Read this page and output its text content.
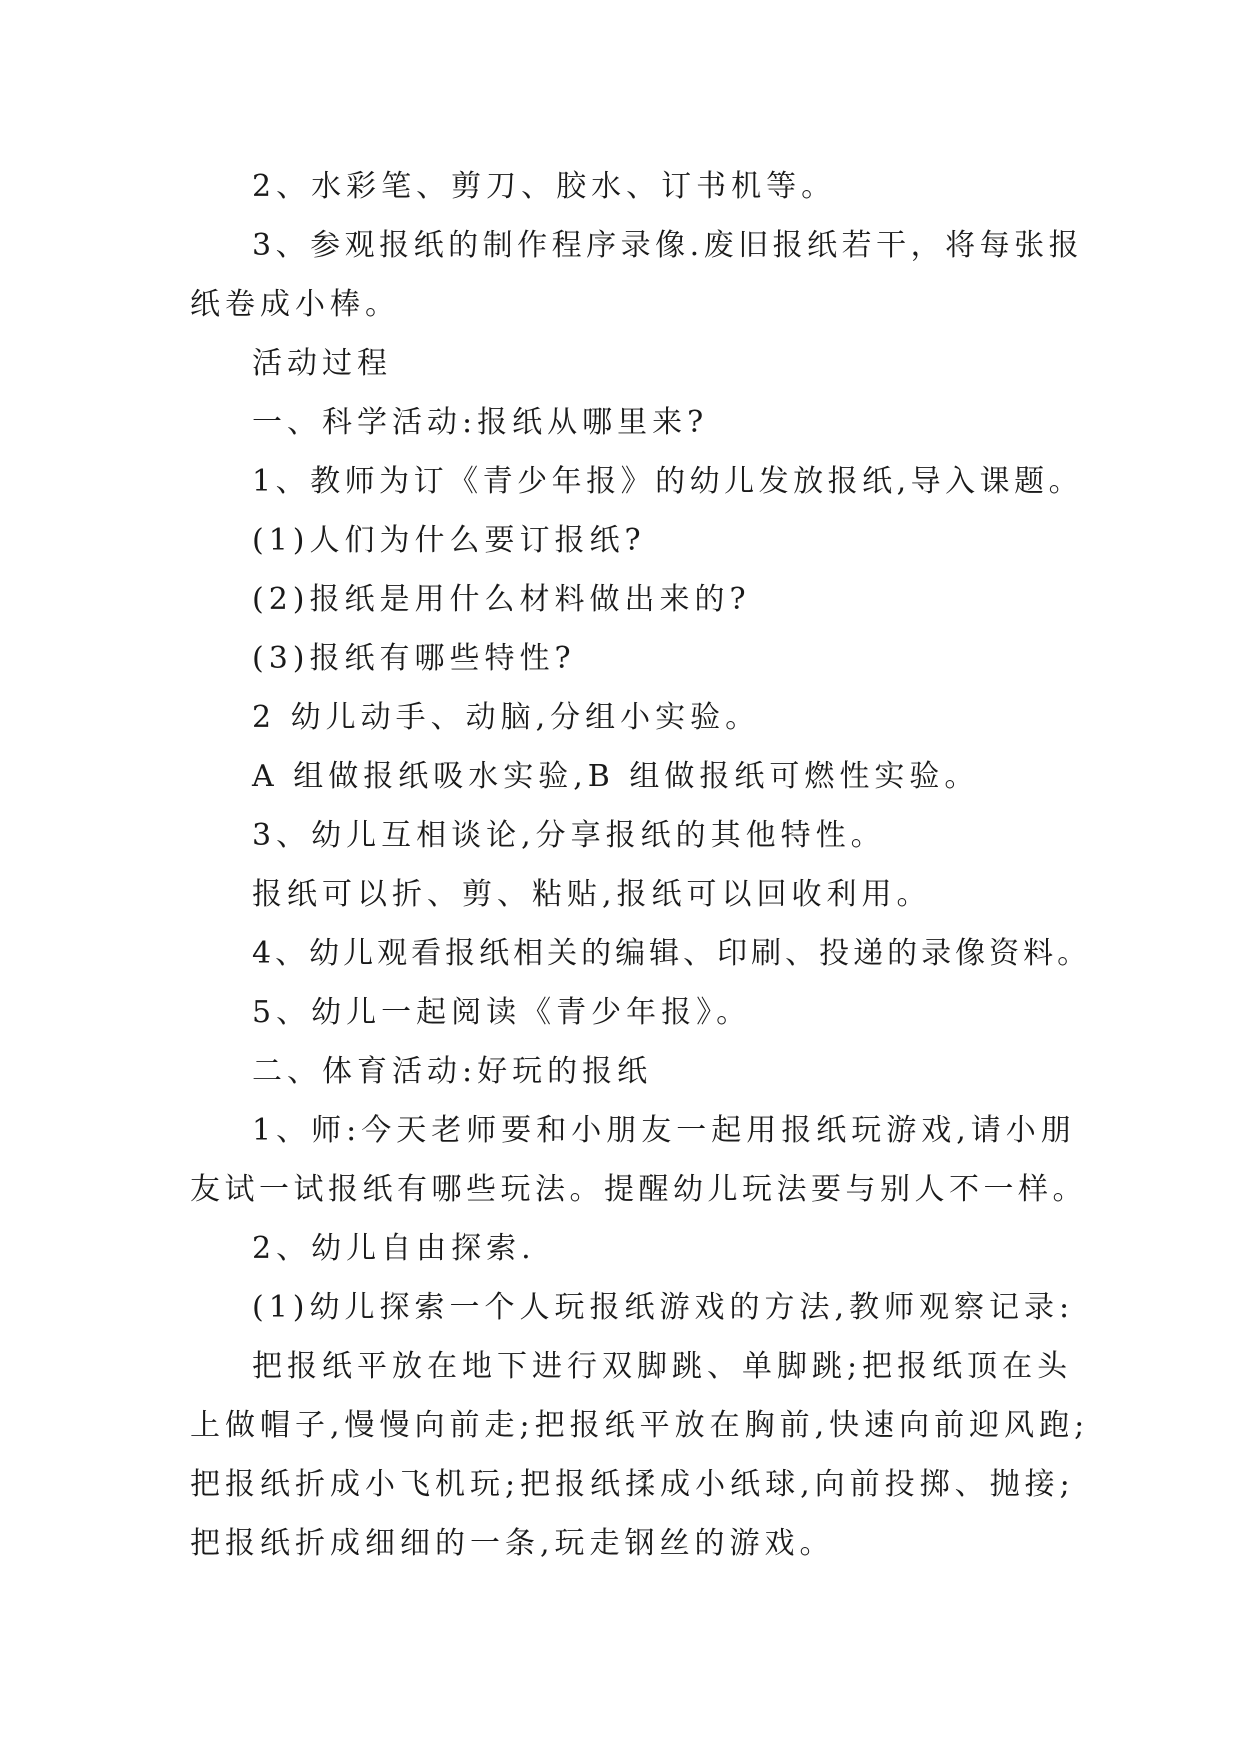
2、水彩笔、剪刀、胶水、订书机等。
3、参观报纸的制作程序录像.废旧报纸若干，将每张报
纸卷成小棒。
活动过程
一、科学活动:报纸从哪里来?
1、教师为订《青少年报》的幼儿发放报纸,导入课题。
(1)人们为什么要订报纸?
(2)报纸是用什么材料做出来的?
(3)报纸有哪些特性?
2 幼儿动手、动脑,分组小实验。
A 组做报纸吸水实验,B 组做报纸可燃性实验。
3、幼儿互相谈论,分享报纸的其他特性。
报纸可以折、剪、粘贴,报纸可以回收利用。
4、幼儿观看报纸相关的编辑、印刷、投递的录像资料。
5、幼儿一起阅读《青少年报》。
二、体育活动:好玩的报纸
1、师:今天老师要和小朋友一起用报纸玩游戏,请小朋
友试一试报纸有哪些玩法。提醒幼儿玩法要与别人不一样。
2、幼儿自由探索.
(1)幼儿探索一个人玩报纸游戏的方法,教师观察记录:
把报纸平放在地下进行双脚跳、单脚跳;把报纸顶在头
上做帽子,慢慢向前走;把报纸平放在胸前,快速向前迎风跑;
把报纸折成小飞机玩;把报纸揉成小纸球,向前投掷、抛接;
把报纸折成细细的一条,玩走钢丝的游戏。
